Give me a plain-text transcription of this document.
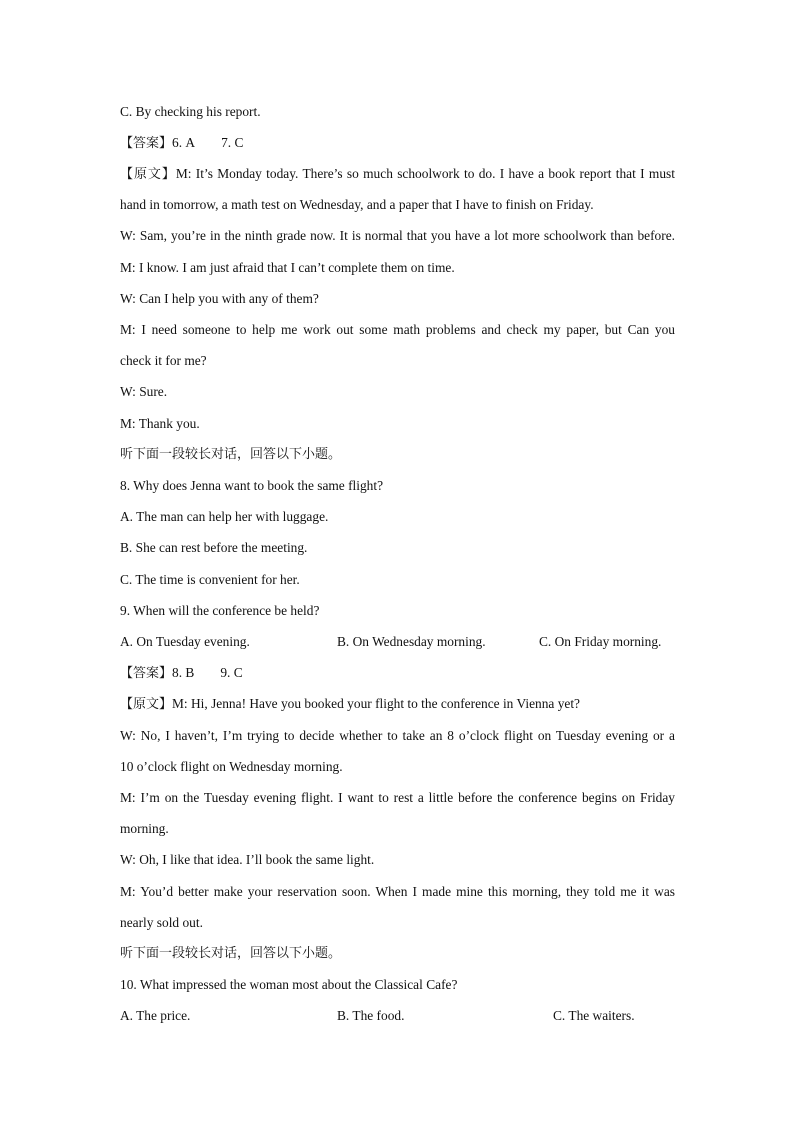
C. By checking his report.
【答案】6. A 7. C
【原文】M: It’s Monday today. There’s so much schoolwork to do. I have a book report that I must
hand in tomorrow, a math test on Wednesday, and a paper that I have to finish on Friday.
W: Sam, you’re in the ninth grade now. It is normal that you have a lot more schoolwork than before.
M: I know. I am just afraid that I can’t complete them on time.
W: Can I help you with any of them?
M: I need someone to help me work out some math problems and check my paper, but Can you
check it for me?
W: Sure.
M: Thank you.
听下面一段较长对话，回答以下小题。
8. Why does Jenna want to book the same flight?
A. The man can help her with luggage.
B. She can rest before the meeting.
C. The time is convenient for her.
9. When will the conference be held?
A. On Tuesday evening.	B. On Wednesday morning.	C. On Friday morning.
【答案】8. B 9. C
【原文】M: Hi, Jenna! Have you booked your flight to the conference in Vienna yet?
W: No, I haven’t, I’m trying to decide whether to take an 8 o’clock flight on Tuesday evening or a
10 o’clock flight on Wednesday morning.
M: I’m on the Tuesday evening flight. I want to rest a little before the conference begins on Friday
morning.
W: Oh, I like that idea. I’ll book the same light.
M: You’d better make your reservation soon. When I made mine this morning, they told me it was
nearly sold out.
听下面一段较长对话，回答以下小题。
10. What impressed the woman most about the Classical Cafe?
A. The price.	B. The food.	C. The waiters.
